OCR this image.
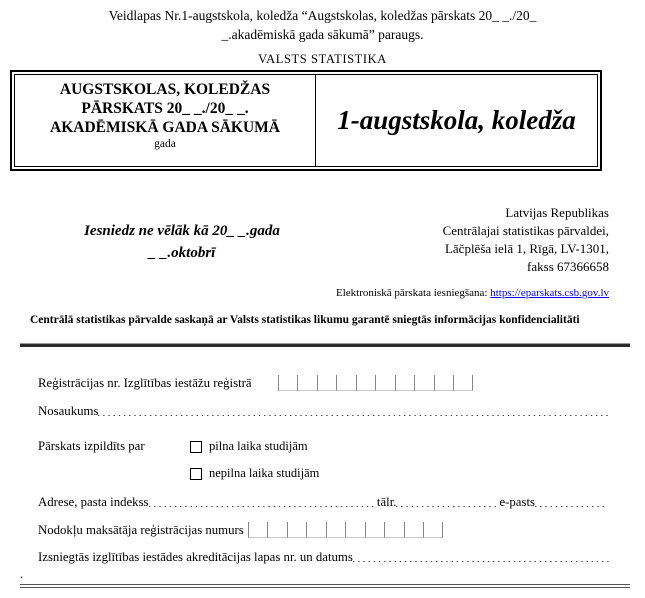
Veidlapas Nr.1-augstskola, koledža “Augstskolas, koledžas pārskats 20_ _./20_
_.akadēmiskā gada sākumā” paraugs.
VALSTS STATISTIKA
AUGSTSKOLAS, KOLEDŽAS
PĀRSKATS 20_ _./20_ _.
AKADĒMISKĀ GADA SĀKUMĀ
gada
1-augstskola, koledža
Iesniedz ne vēlāk kā 20_ _.gada
_ _.oktobrī
Latvijas Republikas
Centrālajai statistikas pārvaldei,
Lāčplēša ielā 1, Rīgā, LV-1301,
fakss 67366658
Elektroniskā pārskata iesniegšana: https://eparskats.csb.gov.lv
Centrālā statistikas pārvalde saskaņā ar Valsts statistikas likumu garantē sniegtās informācijas konfidencialitāti
Reģistrācijas nr. Izglītības iestāžu reģistrā
Nosaukums
Pārskats izpildīts par	pilna laika studijām
nepilna laika studijām
Adrese, pasta indekss	tālr.	e-pasts
Nodokļu maksātāja reģistrācijas numurs
Izsniegtās izglītības iestādes akreditācijas lapas nr. un datums
.
